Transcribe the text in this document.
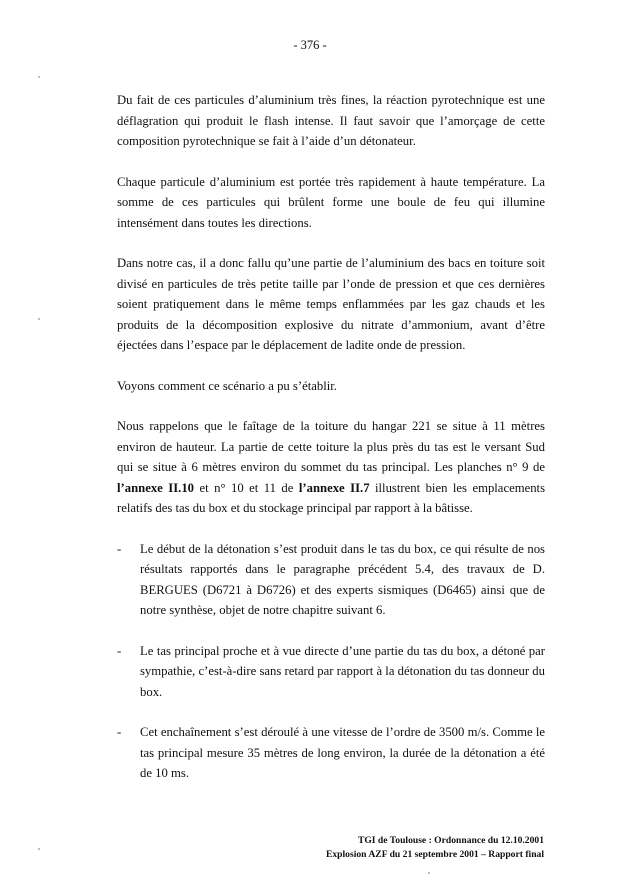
- 376 -

Du fait de ces particules d’aluminium très fines, la réaction pyrotechnique est une déflagration qui produit le flash intense. Il faut savoir que l’amorçage de cette composition pyrotechnique se fait à l’aide d’un détonateur.

Chaque particule d’aluminium est portée très rapidement à haute température. La somme de ces particules qui brûlent forme une boule de feu qui illumine intensément dans toutes les directions.

Dans notre cas, il a donc fallu qu’une partie de l’aluminium des bacs en toiture soit divisé en particules de très petite taille par l’onde de pression et que ces dernières soient pratiquement dans le même temps enflammées par les gaz chauds et les produits de la décomposition explosive du nitrate d’ammonium, avant d’être éjectées dans l’espace par le déplacement de ladite onde de pression.

Voyons comment ce scénario a pu s’établir.

Nous rappelons que le faîtage de la toiture du hangar 221 se situe à 11 mètres environ de hauteur. La partie de cette toiture la plus près du tas est le versant Sud qui se situe à 6 mètres environ du sommet du tas principal. Les planches n° 9 de l’annexe II.10 et n° 10 et 11 de l’annexe II.7 illustrent bien les emplacements relatifs des tas du box et du stockage principal par rapport à la bâtisse.

- Le début de la détonation s’est produit dans le tas du box, ce qui résulte de nos résultats rapportés dans le paragraphe précédent 5.4, des travaux de D. BERGUES (D6721 à D6726) et des experts sismiques (D6465) ainsi que de notre synthèse, objet de notre chapitre suivant 6.
- Le tas principal proche et à vue directe d’une partie du tas du box, a détoné par sympathie, c’est-à-dire sans retard par rapport à la détonation du tas donneur du box.
- Cet enchaînement s’est déroulé à une vitesse de l’ordre de 3500 m/s. Comme le tas principal mesure 35 mètres de long environ, la durée de la détonation a été de 10 ms.
TGI de Toulouse : Ordonnance du 12.10.2001
Explosion AZF du 21 septembre 2001 – Rapport final
